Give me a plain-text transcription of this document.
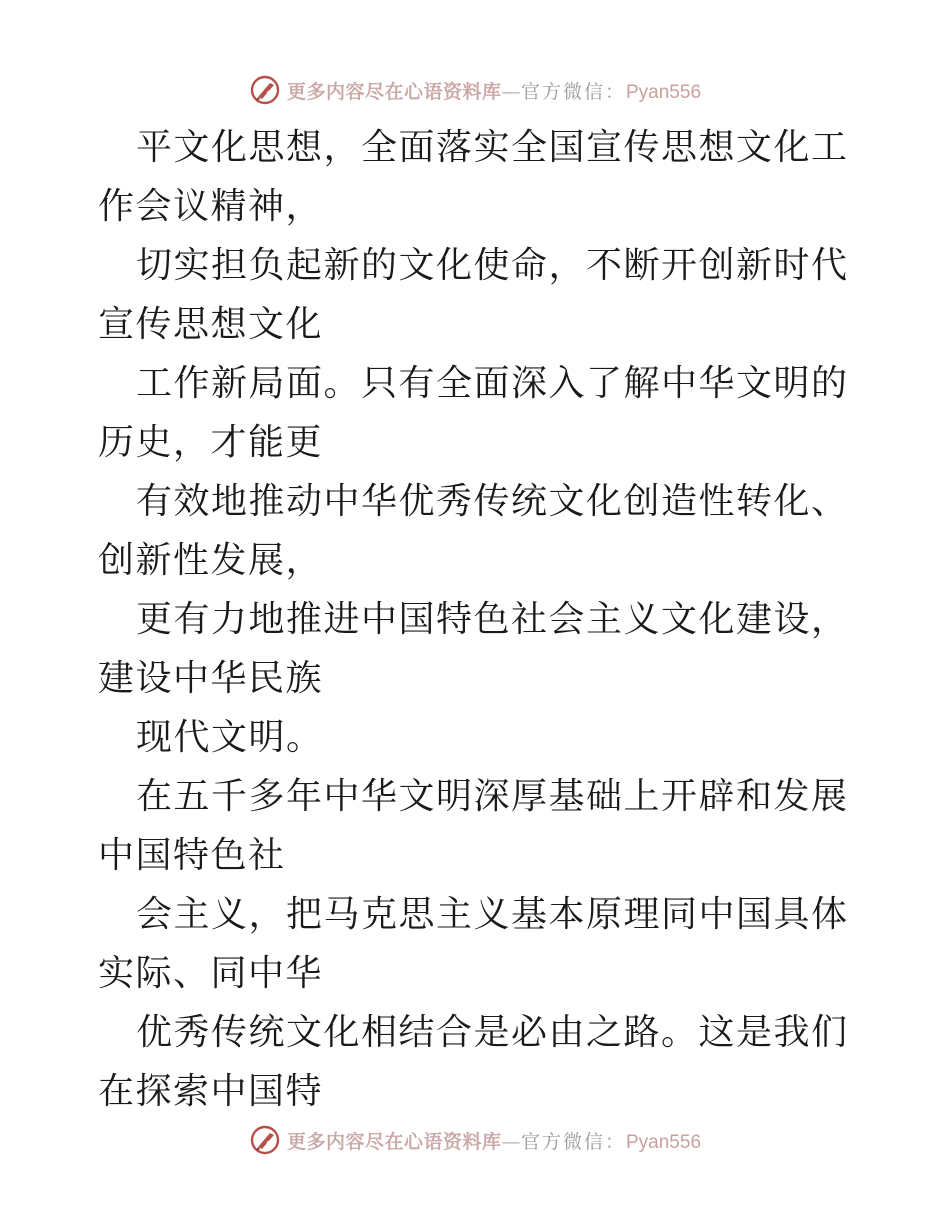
更多内容尽在心语资料库—官方微信：Pyan556

平文化思想，全面落实全国宣传思想文化工作会议精神，

切实担负起新的文化使命，不断开创新时代宣传思想文化

工作新局面。只有全面深入了解中华文明的历史，才能更

有效地推动中华优秀传统文化创造性转化、创新性发展，

更有力地推进中国特色社会主义文化建设，建设中华民族

现代文明。

在五千多年中华文明深厚基础上开辟和发展中国特色社

会主义，把马克思主义基本原理同中国具体实际、同中华

优秀传统文化相结合是必由之路。这是我们在探索中国特

更多内容尽在心语资料库—官方微信：Pyan556
